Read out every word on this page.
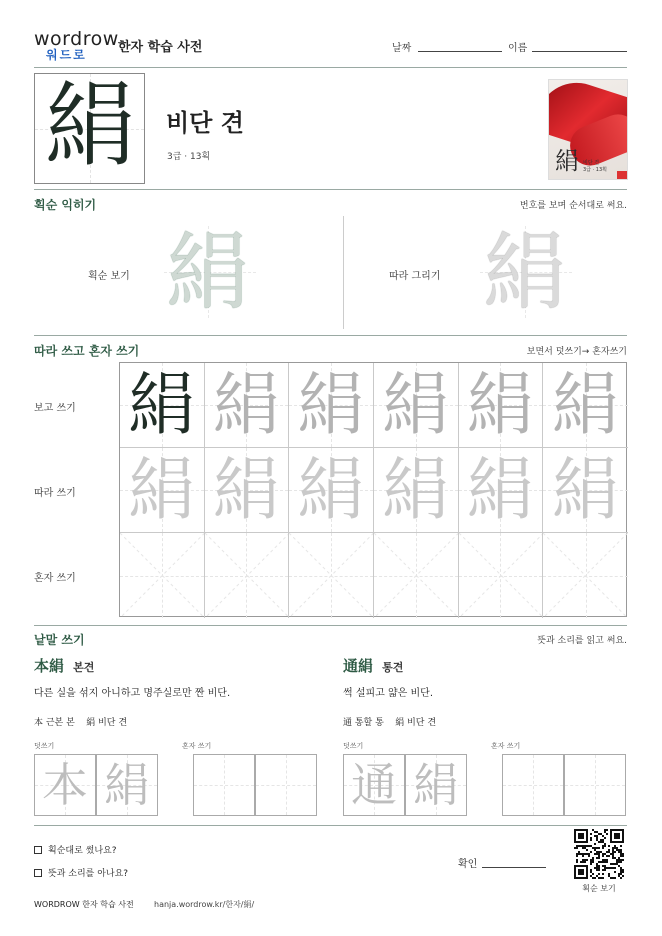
wordrow
워드로	한자 학습 사전	날짜	이름
絹	비단 견
3급 · 13획	絹 비단 견
3급 · 13획
획순 익히기	번호를 보며 순서대로 써요.
획순 보기 絹	따라 그리기 絹
따라 쓰고 혼자 쓰기	보면서 덧쓰기→ 혼자쓰기
보고 쓰기
따라 쓰기
혼자 쓰기
絹 絹 絹 絹 絹 絹
絹 絹 絹 絹 絹 絹
낱말 쓰기	뜻과 소리를 읽고 써요.
本絹 본견
다른 실을 섞지 아니하고 명주실로만 짠 비단.
本 근본 본    絹 비단 견
덧쓰기	혼자 쓰기
本 絹
通絹 통견
썩 설피고 얇은 비단.
通 통할 통    絹 비단 견
덧쓰기	혼자 쓰기
通 絹
획순대로 썼나요?
뜻과 소리를 아나요?
확인
획순 보기
WORDROW 한자 학습 사전	hanja.wordrow.kr/한자/絹/
